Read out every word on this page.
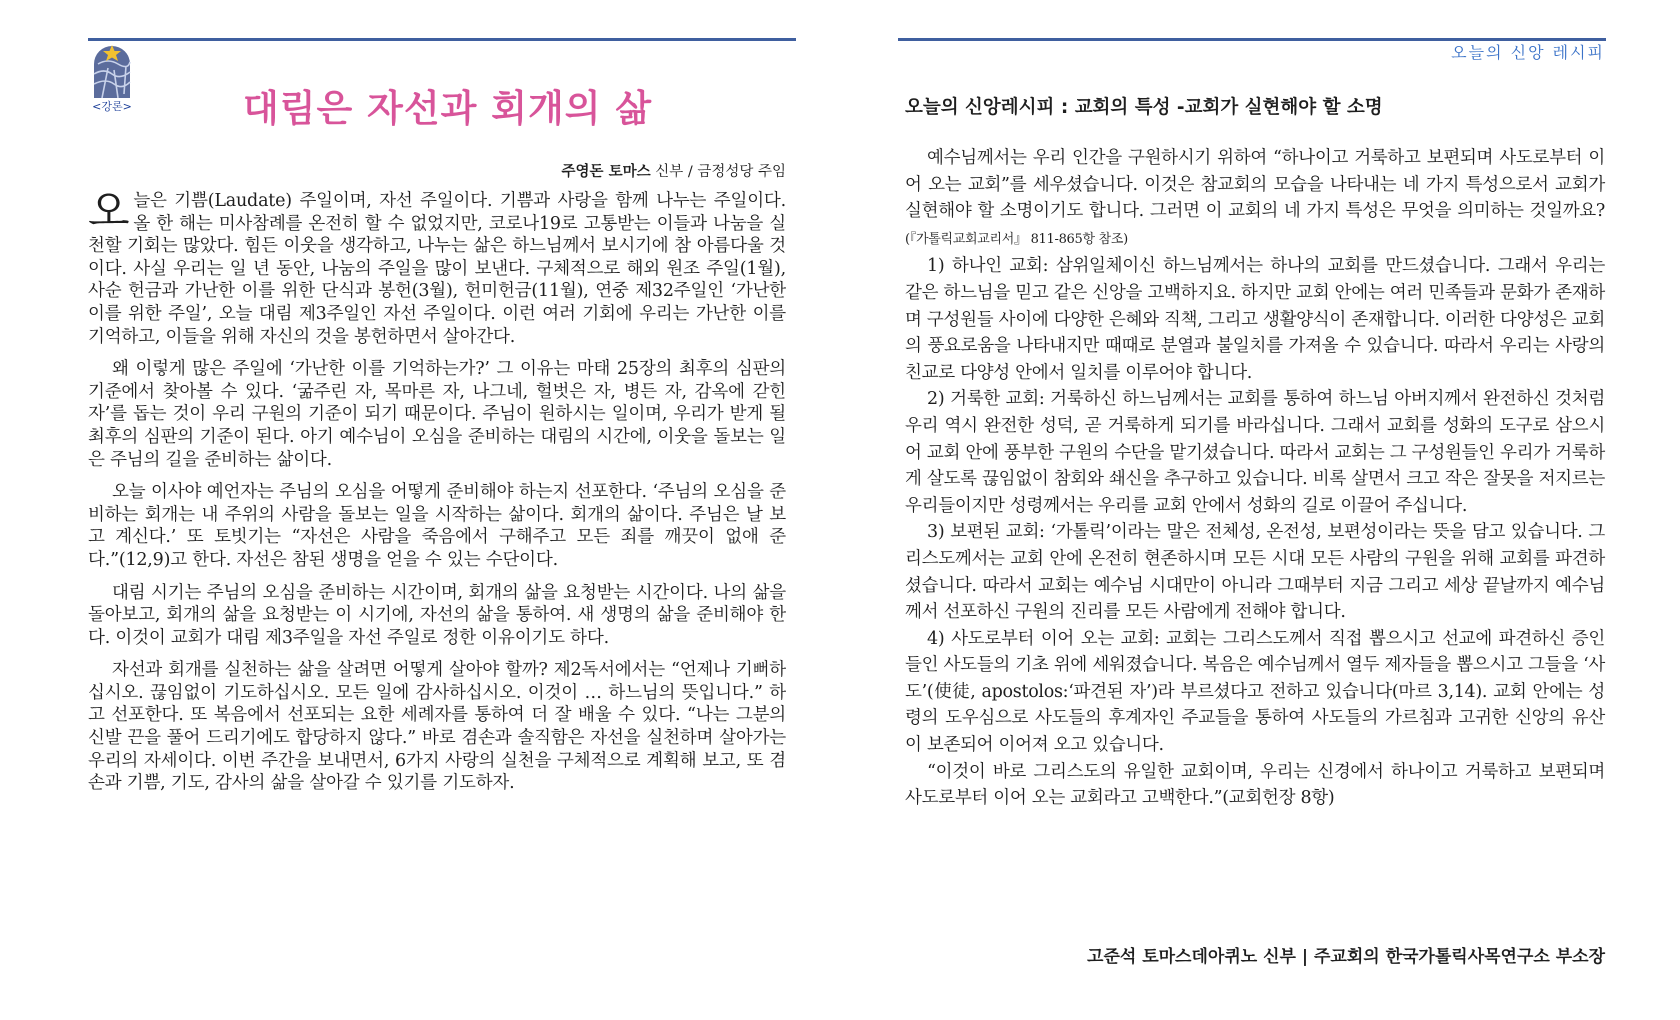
<강론>	대림은 자선과 회개의 삶
주영돈 토마스 신부 / 금정성당 주임

오늘은 기쁨(Laudate) 주일이며, 자선 주일이다. 기쁨과 사랑을 함께 나누는 주일이다. 올 한 해는 미사참례를 온전히 할 수 없었지만, 코로나19로 고통받는 이들과 나눔을 실천할 기회는 많았다. 힘든 이웃을 생각하고, 나누는 삶은 하느님께서 보시기에 참 아름다울 것이다. 사실 우리는 일 년 동안, 나눔의 주일을 많이 보낸다. 구체적으로 해외 원조 주일(1월), 사순 헌금과 가난한 이를 위한 단식과 봉헌(3월), 헌미헌금(11월), 연중 제32주일인 ‘가난한 이를 위한 주일’, 오늘 대림 제3주일인 자선 주일이다. 이런 여러 기회에 우리는 가난한 이를 기억하고, 이들을 위해 자신의 것을 봉헌하면서 살아간다.

왜 이렇게 많은 주일에 ‘가난한 이를 기억하는가?’ 그 이유는 마태 25장의 최후의 심판의 기준에서 찾아볼 수 있다. ‘굶주린 자, 목마른 자, 나그네, 헐벗은 자, 병든 자, 감옥에 갇힌 자’를 돕는 것이 우리 구원의 기준이 되기 때문이다. 주님이 원하시는 일이며, 우리가 받게 될 최후의 심판의 기준이 된다. 아기 예수님이 오심을 준비하는 대림의 시간에, 이웃을 돌보는 일은 주님의 길을 준비하는 삶이다.

오늘 이사야 예언자는 주님의 오심을 어떻게 준비해야 하는지 선포한다. ‘주님의 오심을 준비하는 회개는 내 주위의 사람을 돌보는 일을 시작하는 삶이다. 회개의 삶이다. 주님은 날 보고 계신다.’ 또 토빗기는 “자선은 사람을 죽음에서 구해주고 모든 죄를 깨끗이 없애 준다.”(12,9)고 한다. 자선은 참된 생명을 얻을 수 있는 수단이다.

대림 시기는 주님의 오심을 준비하는 시간이며, 회개의 삶을 요청받는 시간이다. 나의 삶을 돌아보고, 회개의 삶을 요청받는 이 시기에, 자선의 삶을 통하여. 새 생명의 삶을 준비해야 한다. 이것이 교회가 대림 제3주일을 자선 주일로 정한 이유이기도 하다.

자선과 회개를 실천하는 삶을 살려면 어떻게 살아야 할까? 제2독서에서는 “언제나 기뻐하십시오. 끊임없이 기도하십시오. 모든 일에 감사하십시오. 이것이 … 하느님의 뜻입니다.” 하고 선포한다. 또 복음에서 선포되는 요한 세례자를 통하여 더 잘 배울 수 있다. “나는 그분의 신발 끈을 풀어 드리기에도 합당하지 않다.” 바로 겸손과 솔직함은 자선을 실천하며 살아가는 우리의 자세이다. 이번 주간을 보내면서, 6가지 사랑의 실천을 구체적으로 계획해 보고, 또 겸손과 기쁨, 기도, 감사의 삶을 살아갈 수 있기를 기도하자.

오늘의 신앙 레시피
오늘의 신앙레시피 : 교회의 특성 -교회가 실현해야 할 소명

예수님께서는 우리 인간을 구원하시기 위하여 “하나이고 거룩하고 보편되며 사도로부터 이어 오는 교회”를 세우셨습니다. 이것은 참교회의 모습을 나타내는 네 가지 특성으로서 교회가 실현해야 할 소명이기도 합니다. 그러면 이 교회의 네 가지 특성은 무엇을 의미하는 것일까요?(『가톨릭교회교리서』 811-865항 참조)

1) 하나인 교회: 삼위일체이신 하느님께서는 하나의 교회를 만드셨습니다. 그래서 우리는 같은 하느님을 믿고 같은 신앙을 고백하지요. 하지만 교회 안에는 여러 민족들과 문화가 존재하며 구성원들 사이에 다양한 은혜와 직책, 그리고 생활양식이 존재합니다. 이러한 다양성은 교회의 풍요로움을 나타내지만 때때로 분열과 불일치를 가져올 수 있습니다. 따라서 우리는 사랑의 친교로 다양성 안에서 일치를 이루어야 합니다.

2) 거룩한 교회: 거룩하신 하느님께서는 교회를 통하여 하느님 아버지께서 완전하신 것처럼 우리 역시 완전한 성덕, 곧 거룩하게 되기를 바라십니다. 그래서 교회를 성화의 도구로 삼으시어 교회 안에 풍부한 구원의 수단을 맡기셨습니다. 따라서 교회는 그 구성원들인 우리가 거룩하게 살도록 끊임없이 참회와 쇄신을 추구하고 있습니다. 비록 살면서 크고 작은 잘못을 저지르는 우리들이지만 성령께서는 우리를 교회 안에서 성화의 길로 이끌어 주십니다.

3) 보편된 교회: ‘가톨릭’이라는 말은 전체성, 온전성, 보편성이라는 뜻을 담고 있습니다. 그리스도께서는 교회 안에 온전히 현존하시며 모든 시대 모든 사람의 구원을 위해 교회를 파견하셨습니다. 따라서 교회는 예수님 시대만이 아니라 그때부터 지금 그리고 세상 끝날까지 예수님께서 선포하신 구원의 진리를 모든 사람에게 전해야 합니다.

4) 사도로부터 이어 오는 교회: 교회는 그리스도께서 직접 뽑으시고 선교에 파견하신 증인들인 사도들의 기초 위에 세워졌습니다. 복음은 예수님께서 열두 제자들을 뽑으시고 그들을 ‘사도’(使徒, apostolos:‘파견된 자’)라 부르셨다고 전하고 있습니다(마르 3,14). 교회 안에는 성령의 도우심으로 사도들의 후계자인 주교들을 통하여 사도들의 가르침과 고귀한 신앙의 유산이 보존되어 이어져 오고 있습니다.

“이것이 바로 그리스도의 유일한 교회이며, 우리는 신경에서 하나이고 거룩하고 보편되며 사도로부터 이어 오는 교회라고 고백한다.”(교회헌장 8항)

고준석 토마스데아퀴노 신부 | 주교회의 한국가톨릭사목연구소 부소장
